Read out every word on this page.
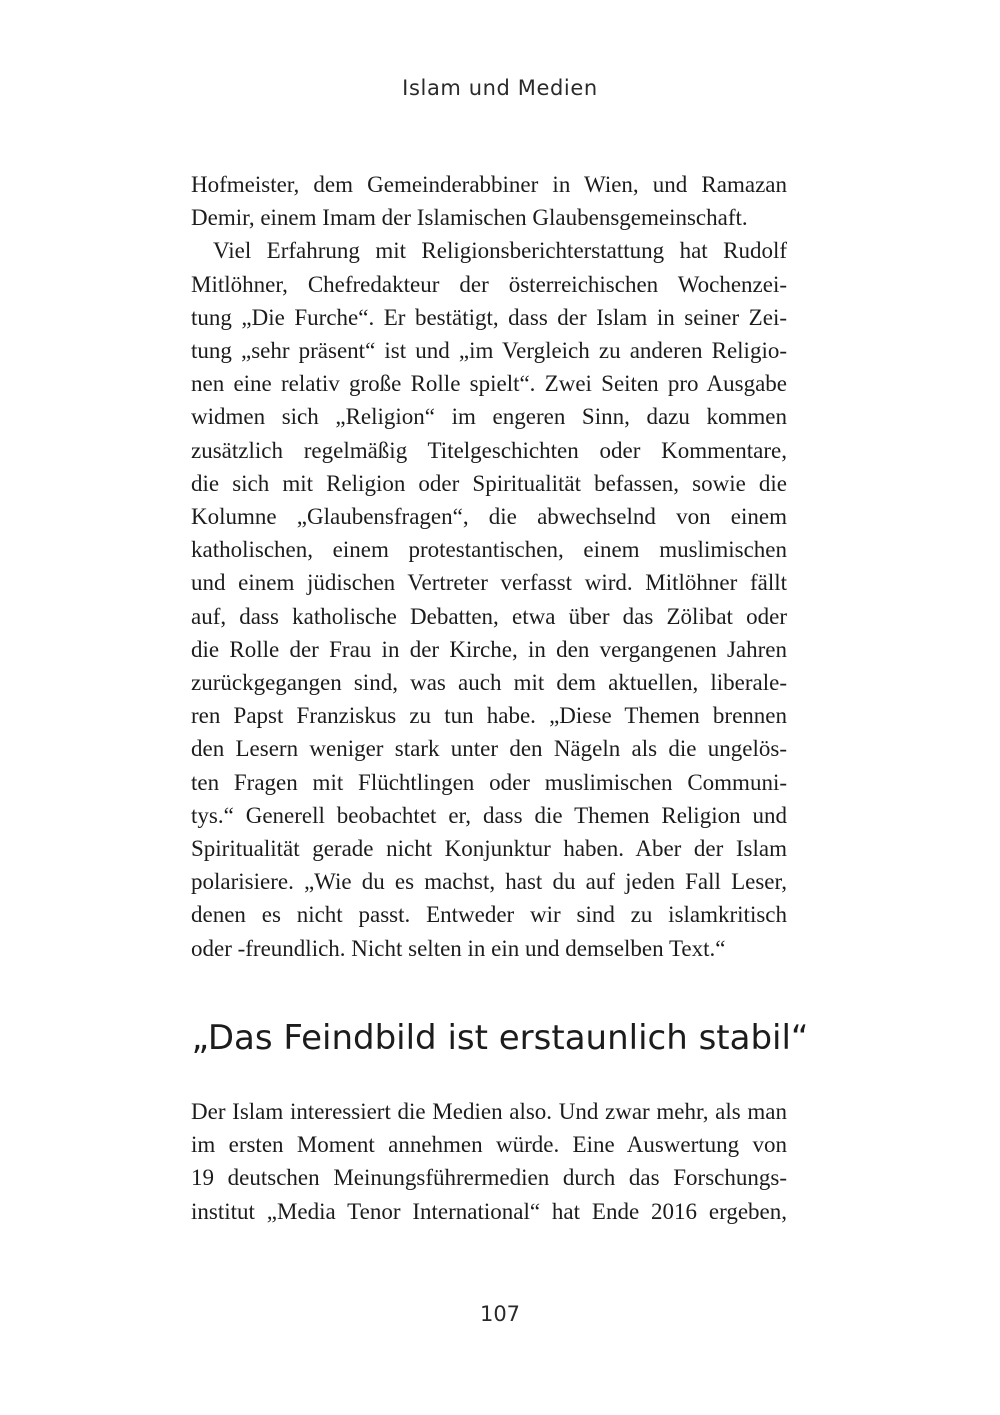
Islam und Medien
Hofmeister, dem Gemeinderabbiner in Wien, und Ramazan
Demir, einem Imam der Islamischen Glaubensgemeinschaft.
Viel Erfahrung mit Religionsberichterstattung hat Rudolf
Mitlöhner, Chefredakteur der österreichischen Wochenzei-
tung „Die Furche“. Er bestätigt, dass der Islam in seiner Zei-
tung „sehr präsent“ ist und „im Vergleich zu anderen Religio-
nen eine relativ große Rolle spielt“. Zwei Seiten pro Ausgabe
widmen sich „Religion“ im engeren Sinn, dazu kommen
zusätzlich regelmäßig Titelgeschichten oder Kommentare,
die sich mit Religion oder Spiritualität befassen, sowie die
Kolumne „Glaubensfragen“, die abwechselnd von einem
katholischen, einem protestantischen, einem muslimischen
und einem jüdischen Vertreter verfasst wird. Mitlöhner fällt
auf, dass katholische Debatten, etwa über das Zölibat oder
die Rolle der Frau in der Kirche, in den vergangenen Jahren
zurückgegangen sind, was auch mit dem aktuellen, liberale-
ren Papst Franziskus zu tun habe. „Diese Themen brennen
den Lesern weniger stark unter den Nägeln als die ungelös-
ten Fragen mit Flüchtlingen oder muslimischen Communi-
tys.“ Generell beobachtet er, dass die Themen Religion und
Spiritualität gerade nicht Konjunktur haben. Aber der Islam
polarisiere. „Wie du es machst, hast du auf jeden Fall Leser,
denen es nicht passt. Entweder wir sind zu islamkritisch
oder -freundlich. Nicht selten in ein und demselben Text.“
„Das Feindbild ist erstaunlich stabil“
Der Islam interessiert die Medien also. Und zwar mehr, als man
im ersten Moment annehmen würde. Eine Auswertung von
19 deutschen Meinungsführermedien durch das Forschungs-
institut „Media Tenor International“ hat Ende 2016 ergeben,
107
